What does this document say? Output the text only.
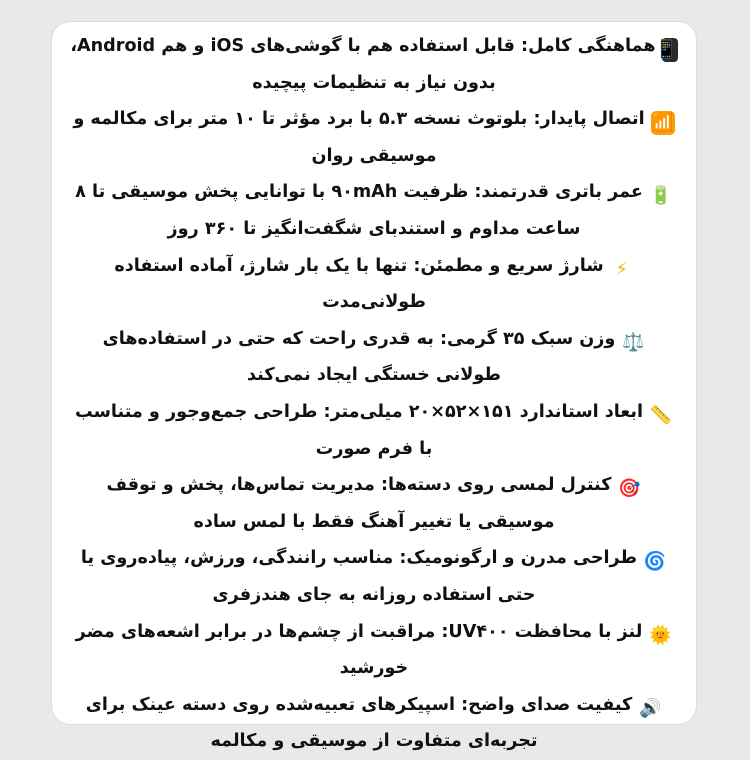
📱هماهنگی کامل: قابل استفاده هم با گوشی‌های iOS و هم Android، بدون نیاز به تنظیمات پیچیده

📶اتصال پایدار: بلوتوث نسخه ۵.۳ با برد مؤثر تا ۱۰ متر برای مکالمه و موسیقی روان

🔋عمر باتری قدرتمند: ظرفیت ۹۰mAh با توانایی پخش موسیقی تا ۸ ساعت مداوم و استندبای شگفت‌انگیز تا ۳۶۰ روز

⚡شارژ سریع و مطمئن: تنها با یک بار شارژ، آماده استفاده طولانی‌مدت

⚖️وزن سبک ۳۵ گرمی: به قدری راحت که حتی در استفاده‌های طولانی خستگی ایجاد نمی‌کند

📏ابعاد استاندارد ۱۵۱×۵۲×۲۰ میلی‌متر: طراحی جمع‌وجور و متناسب با فرم صورت

🎯کنترل لمسی روی دسته‌ها: مدیریت تماس‌ها، پخش و توقف موسیقی یا تغییر آهنگ فقط با لمس ساده

🌀طراحی مدرن و ارگونومیک: مناسب رانندگی، ورزش، پیاده‌روی یا حتی استفاده روزانه به جای هندزفری

🌞لنز با محافظت UV۴۰۰: مراقبت از چشم‌ها در برابر اشعه‌های مضر خورشید

🔊کیفیت صدای واضح: اسپیکرهای تعبیه‌شده روی دسته عینک برای تجربه‌ای متفاوت از موسیقی و مکالمه
